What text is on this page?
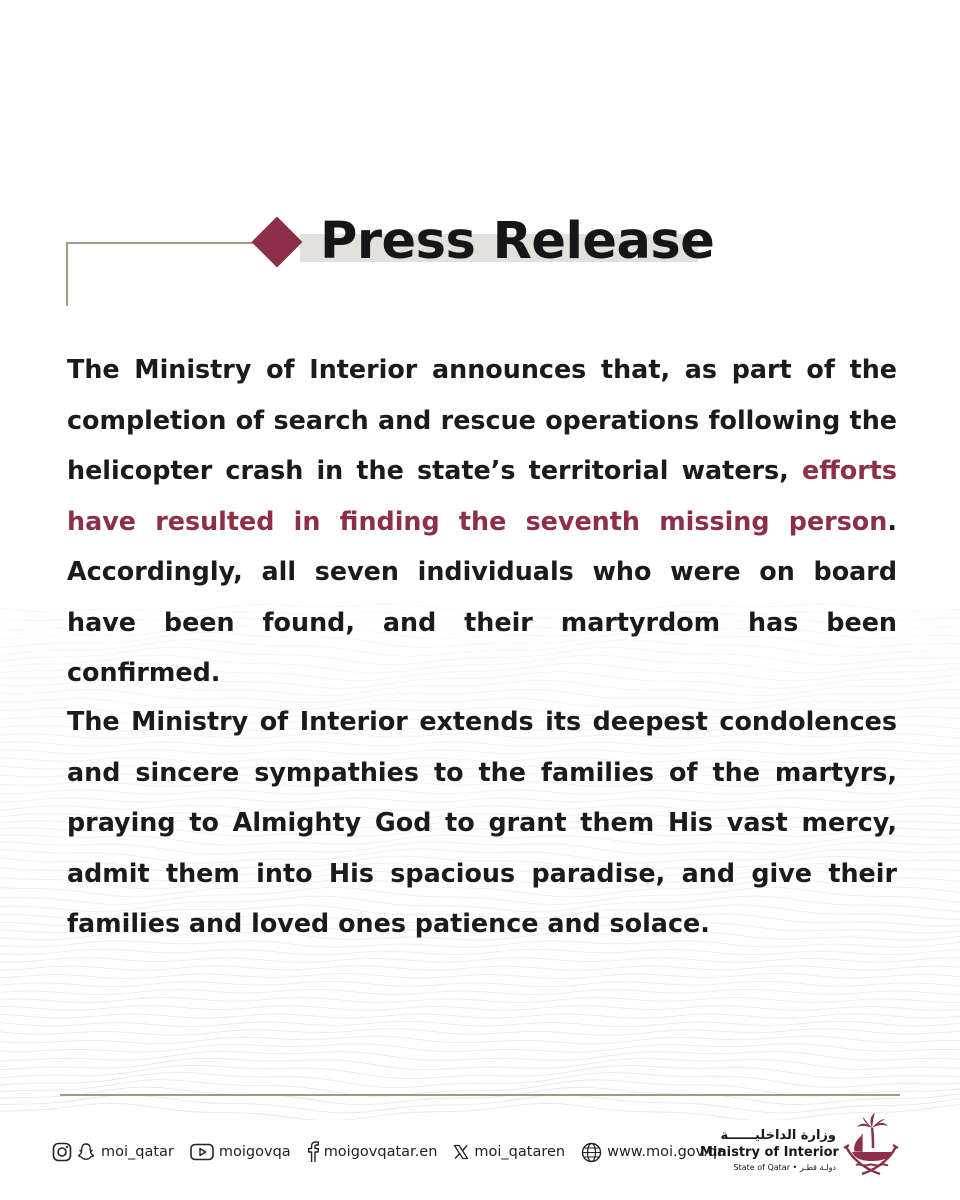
Press Release

The Ministry of Interior announces that, as part of the completion of search and rescue operations following the helicopter crash in the state’s territorial waters, efforts have resulted in finding the seventh missing person. Accordingly, all seven individuals who were on board have been found, and their martyrdom has been confirmed.

The Ministry of Interior extends its deepest condolences and sincere sympathies to the families of the martyrs, praying to Almighty God to grant them His vast mercy, admit them into His spacious paradise, and give their families and loved ones patience and solace.

moi_qatar	moigovqa moigovqatar.en	moi_qataren	www.moi.gov.qa
وزارة الداخليــــــة
Ministry of Interior
State of Qatar • دولـة قطـر
